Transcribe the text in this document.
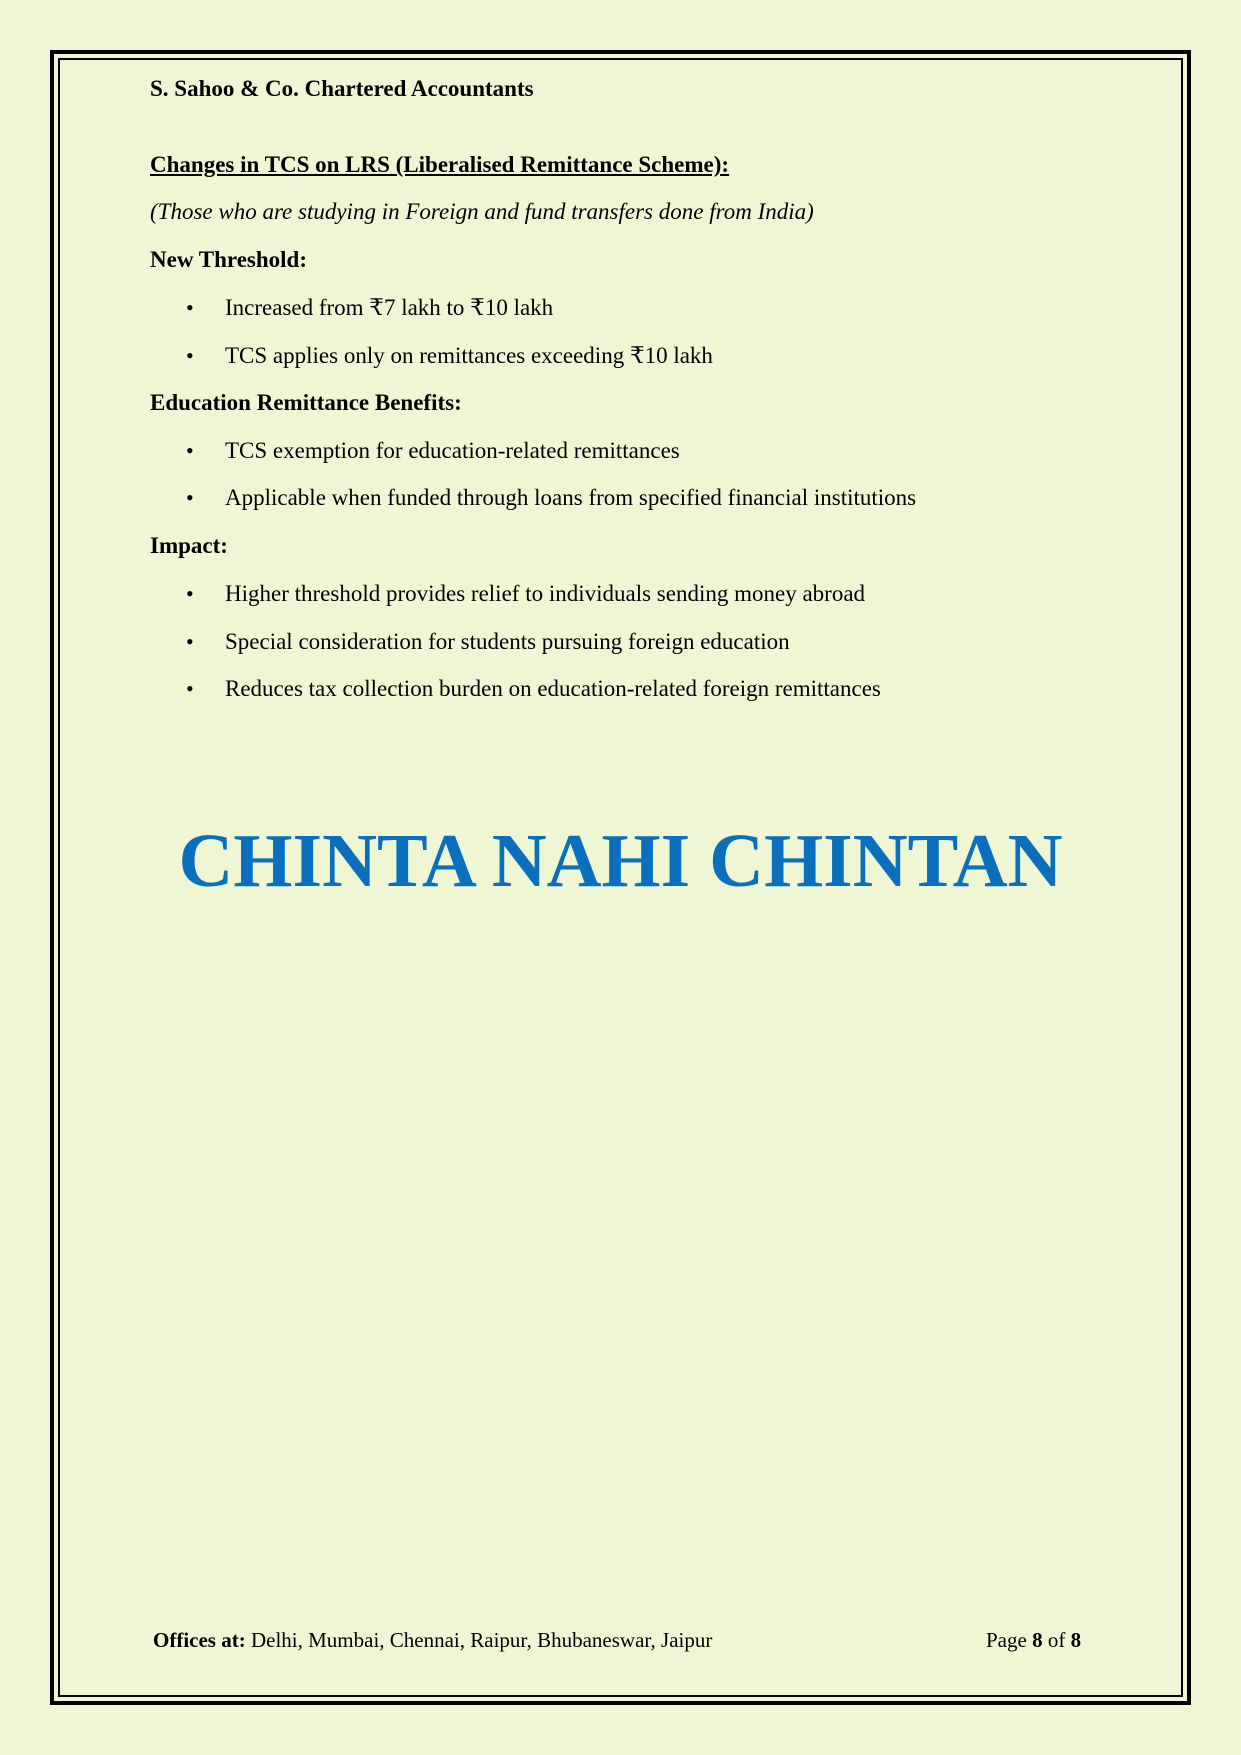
S. Sahoo & Co. Chartered Accountants

Changes in TCS on LRS (Liberalised Remittance Scheme):

(Those who are studying in Foreign and fund transfers done from India)

New Threshold:

• Increased from ₹7 lakh to ₹10 lakh
• TCS applies only on remittances exceeding ₹10 lakh

Education Remittance Benefits:

• TCS exemption for education-related remittances
• Applicable when funded through loans from specified financial institutions

Impact:

• Higher threshold provides relief to individuals sending money abroad
• Special consideration for students pursuing foreign education
• Reduces tax collection burden on education-related foreign remittances

CHINTA NAHI CHINTAN

Offices at: Delhi, Mumbai, Chennai, Raipur, Bhubaneswar, Jaipur	Page 8 of 8
